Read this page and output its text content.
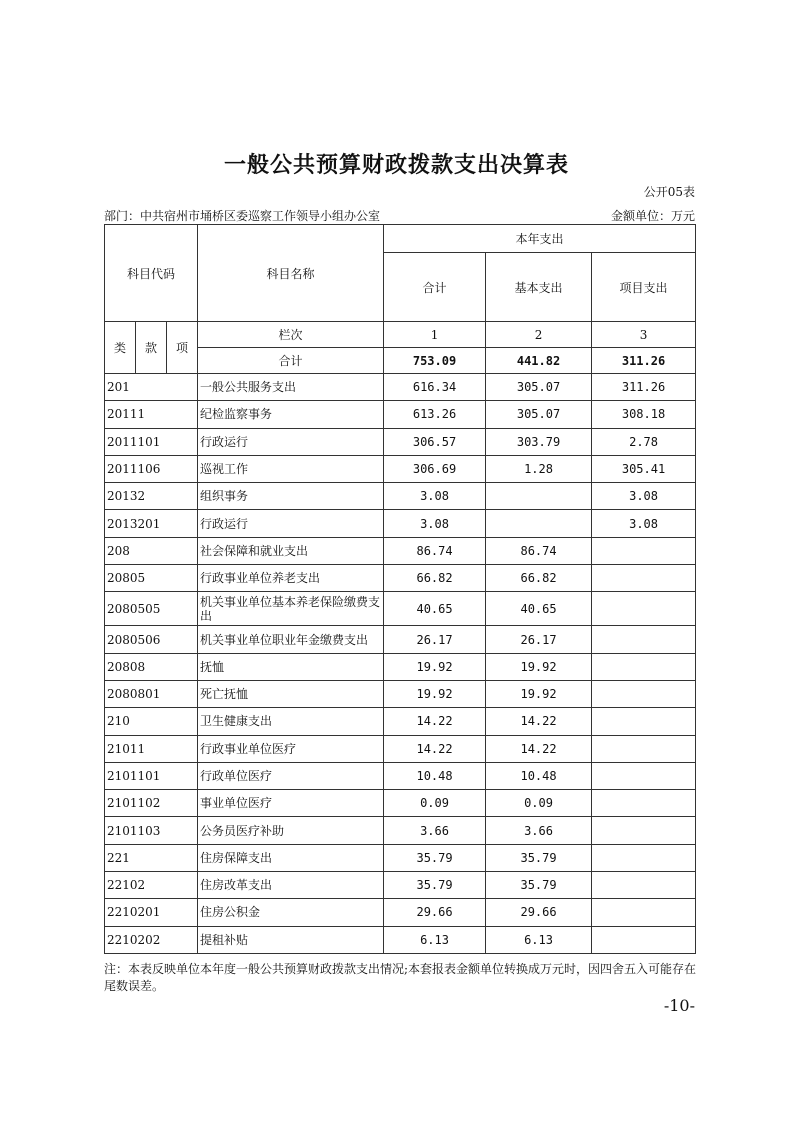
一般公共预算财政拨款支出决算表
公开05表
部门：中共宿州市埇桥区委巡察工作领导小组办公室	金额单位：万元
科目代码			科目名称	本年支出		
				合计	基本支出	项目支出

类	款	项	栏次	1	2	3
			合计	753.09	441.82	311.26
201			一般公共服务支出	616.34	305.07	311.26
20111			纪检监察事务	613.26	305.07	308.18
2011101			行政运行	306.57	303.79	2.78
2011106			巡视工作	306.69	1.28	305.41
20132			组织事务	3.08		3.08
2013201			行政运行	3.08		3.08
208			社会保障和就业支出	86.74	86.74	
20805			行政事业单位养老支出	66.82	66.82	
2080505			机关事业单位基本养老保险缴费支出	40.65	40.65	
2080506			机关事业单位职业年金缴费支出	26.17	26.17	
20808			抚恤	19.92	19.92	
2080801			死亡抚恤	19.92	19.92	
210			卫生健康支出	14.22	14.22	
21011			行政事业单位医疗	14.22	14.22	
2101101			行政单位医疗	10.48	10.48	
2101102			事业单位医疗	0.09	0.09	
2101103			公务员医疗补助	3.66	3.66	
221			住房保障支出	35.79	35.79	
22102			住房改革支出	35.79	35.79	
2210201			住房公积金	29.66	29.66	
2210202			提租补贴	6.13	6.13	
注：本表反映单位本年度一般公共预算财政拨款支出情况;本套报表金额单位转换成万元时，因四舍五入可能存在尾数误差。
-10-
